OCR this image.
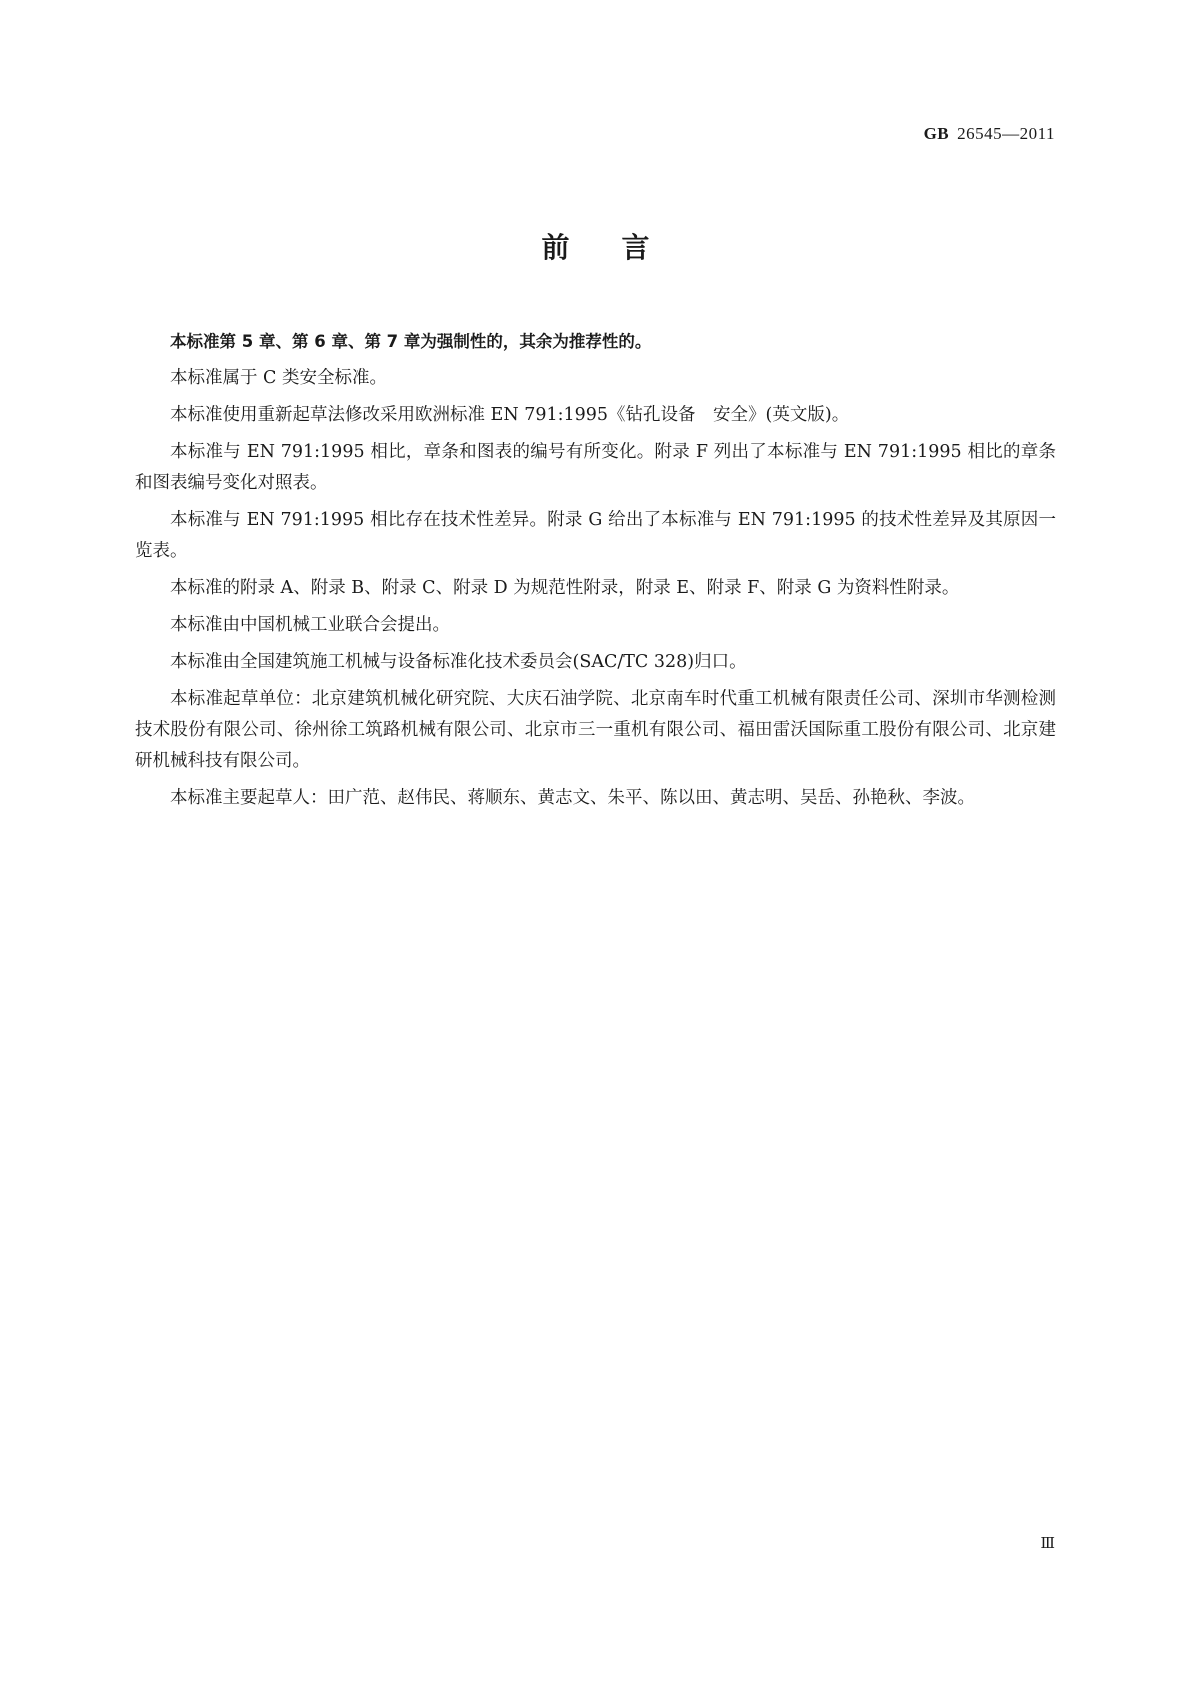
GB 26545—2011
前言

本标准第 5 章、第 6 章、第 7 章为强制性的，其余为推荐性的。

本标准属于 C 类安全标准。

本标准使用重新起草法修改采用欧洲标准 EN 791:1995《钻孔设备　安全》(英文版)。

本标准与 EN 791:1995 相比，章条和图表的编号有所变化。附录 F 列出了本标准与 EN 791:1995 相比的章条和图表编号变化对照表。

本标准与 EN 791:1995 相比存在技术性差异。附录 G 给出了本标准与 EN 791:1995 的技术性差异及其原因一览表。

本标准的附录 A、附录 B、附录 C、附录 D 为规范性附录，附录 E、附录 F、附录 G 为资料性附录。

本标准由中国机械工业联合会提出。

本标准由全国建筑施工机械与设备标准化技术委员会(SAC/TC 328)归口。

本标准起草单位：北京建筑机械化研究院、大庆石油学院、北京南车时代重工机械有限责任公司、深圳市华测检测技术股份有限公司、徐州徐工筑路机械有限公司、北京市三一重机有限公司、福田雷沃国际重工股份有限公司、北京建研机械科技有限公司。

本标准主要起草人：田广范、赵伟民、蒋顺东、黄志文、朱平、陈以田、黄志明、吴岳、孙艳秋、李波。

Ⅲ
